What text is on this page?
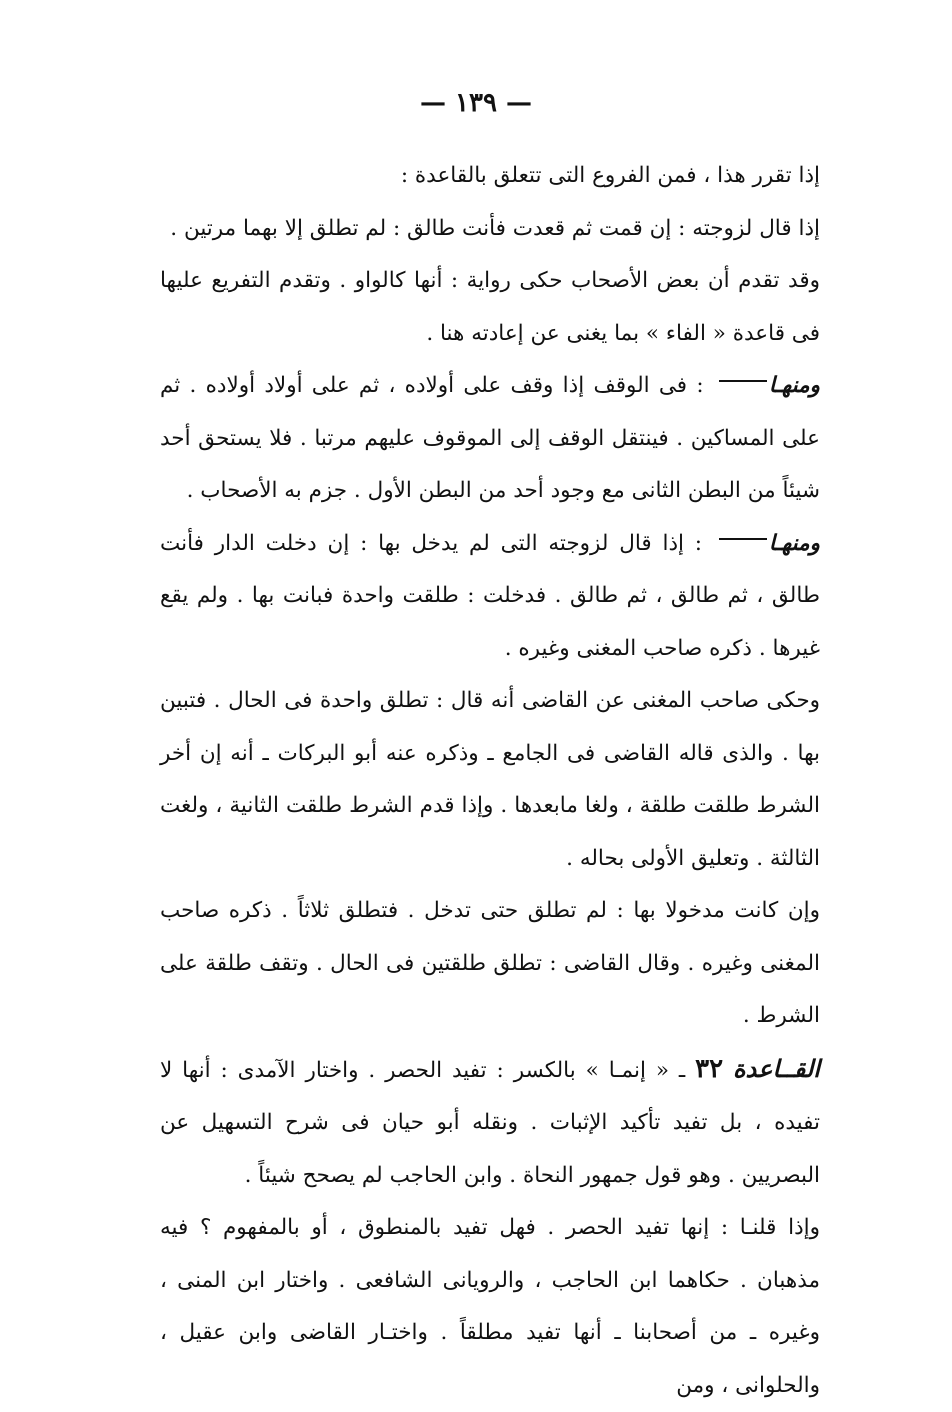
— ١٣٩ —

إذا تقرر هذا ، فمن الفروع التى تتعلق بالقاعدة :

إذا قال لزوجته : إن قمت ثم قعدت فأنت طالق : لم تطلق إلا بهما مرتين .

وقد تقدم أن بعض الأصحاب حكى رواية : أنها كالواو . وتقدم التفريع عليها فى قاعدة « الفاء » بما يغنى عن إعادته هنا .

ومنهـا : فى الوقف إذا وقف على أولاده ، ثم على أولاد أولاده . ثم على المساكين . فينتقل الوقف إلى الموقوف عليهم مرتبا . فلا يستحق أحد شيئاً من البطن الثانى مع وجود أحد من البطن الأول . جزم به الأصحاب .

ومنهـا : إذا قال لزوجته التى لم يدخل بها : إن دخلت الدار فأنت طالق ، ثم طالق ، ثم طالق . فدخلت : طلقت واحدة فبانت بها . ولم يقع غيرها . ذكره صاحب المغنى وغيره .

وحكى صاحب المغنى عن القاضى أنه قال : تطلق واحدة فى الحال . فتبين بها . والذى قاله القاضى فى الجامع ـ وذكره عنه أبو البركات ـ أنه إن أخر الشرط طلقت طلقة ، ولغا مابعدها . وإذا قدم الشرط طلقت الثانية ، ولغت الثالثة . وتعليق الأولى بحاله .

وإن كانت مدخولا بها : لم تطلق حتى تدخل . فتطلق ثلاثاً . ذكره صاحب المغنى وغيره . وقال القاضى : تطلق طلقتين فى الحال . وتقف طلقة على الشرط .

القــاعدة ٣٢ ـ « إنمـا » بالكسر : تفيد الحصر . واختار الآمدى : أنها لا تفيده ، بل تفيد تأكيد الإثبات . ونقله أبو حيان فى شرح التسهيل عن البصريين . وهو قول جمهور النحاة . وابن الحاجب لم يصحح شيئاً .

وإذا قلنـا : إنها تفيد الحصر . فهل تفيد بالمنطوق ، أو بالمفهوم ؟ فيه مذهبان . حكاهما ابن الحاجب ، والرويانى الشافعى . واختار ابن المنى ، وغيره ـ من أصحابنا ـ أنها تفيد مطلقاً . واختـار القاضى وابن عقيل ، والحلوانى ، ومن
